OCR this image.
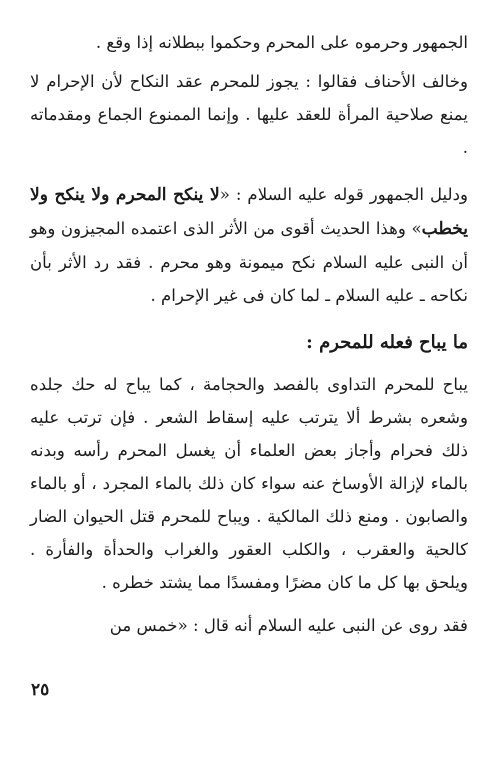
الجمهور وحرموه على المحرم وحكموا ببطلانه إذا وقع .

وخالف الأحناف فقالوا : يجوز للمحرم عقد النكاح لأن الإحرام لا يمنع صلاحية المرأة للعقد عليها . وإنما الممنوع الجماع ومقدماته .

ودليل الجمهور قوله عليه السلام : «لا ينكح المحرم ولا ينكح ولا يخطب» وهذا الحديث أقوى من الأثر الذى اعتمده المجيزون وهو أن النبى عليه السلام نكح ميمونة وهو محرم . فقد رد الأثر بأن نكاحه ـ عليه السلام ـ لما كان فى غير الإحرام .

ما يباح فعله للمحرم :

يباح للمحرم التداوى بالفصد والحجامة ، كما يباح له حك جلده وشعره بشرط ألا يترتب عليه إسقاط الشعر . فإن ترتب عليه ذلك فحرام وأجاز بعض العلماء أن يغسل المحرم رأسه وبدنه بالماء لإزالة الأوساخ عنه سواء كان ذلك بالماء المجرد ، أو بالماء والصابون . ومنع ذلك المالكية . ويباح للمحرم قتل الحيوان الضار كالحية والعقرب ، والكلب العقور والغراب والحدأة والفأرة . ويلحق بها كل ما كان مضرًا ومفسدًا مما يشتد خطره .

فقد روى عن النبى عليه السلام أنه قال : «خمس من

٢٥
